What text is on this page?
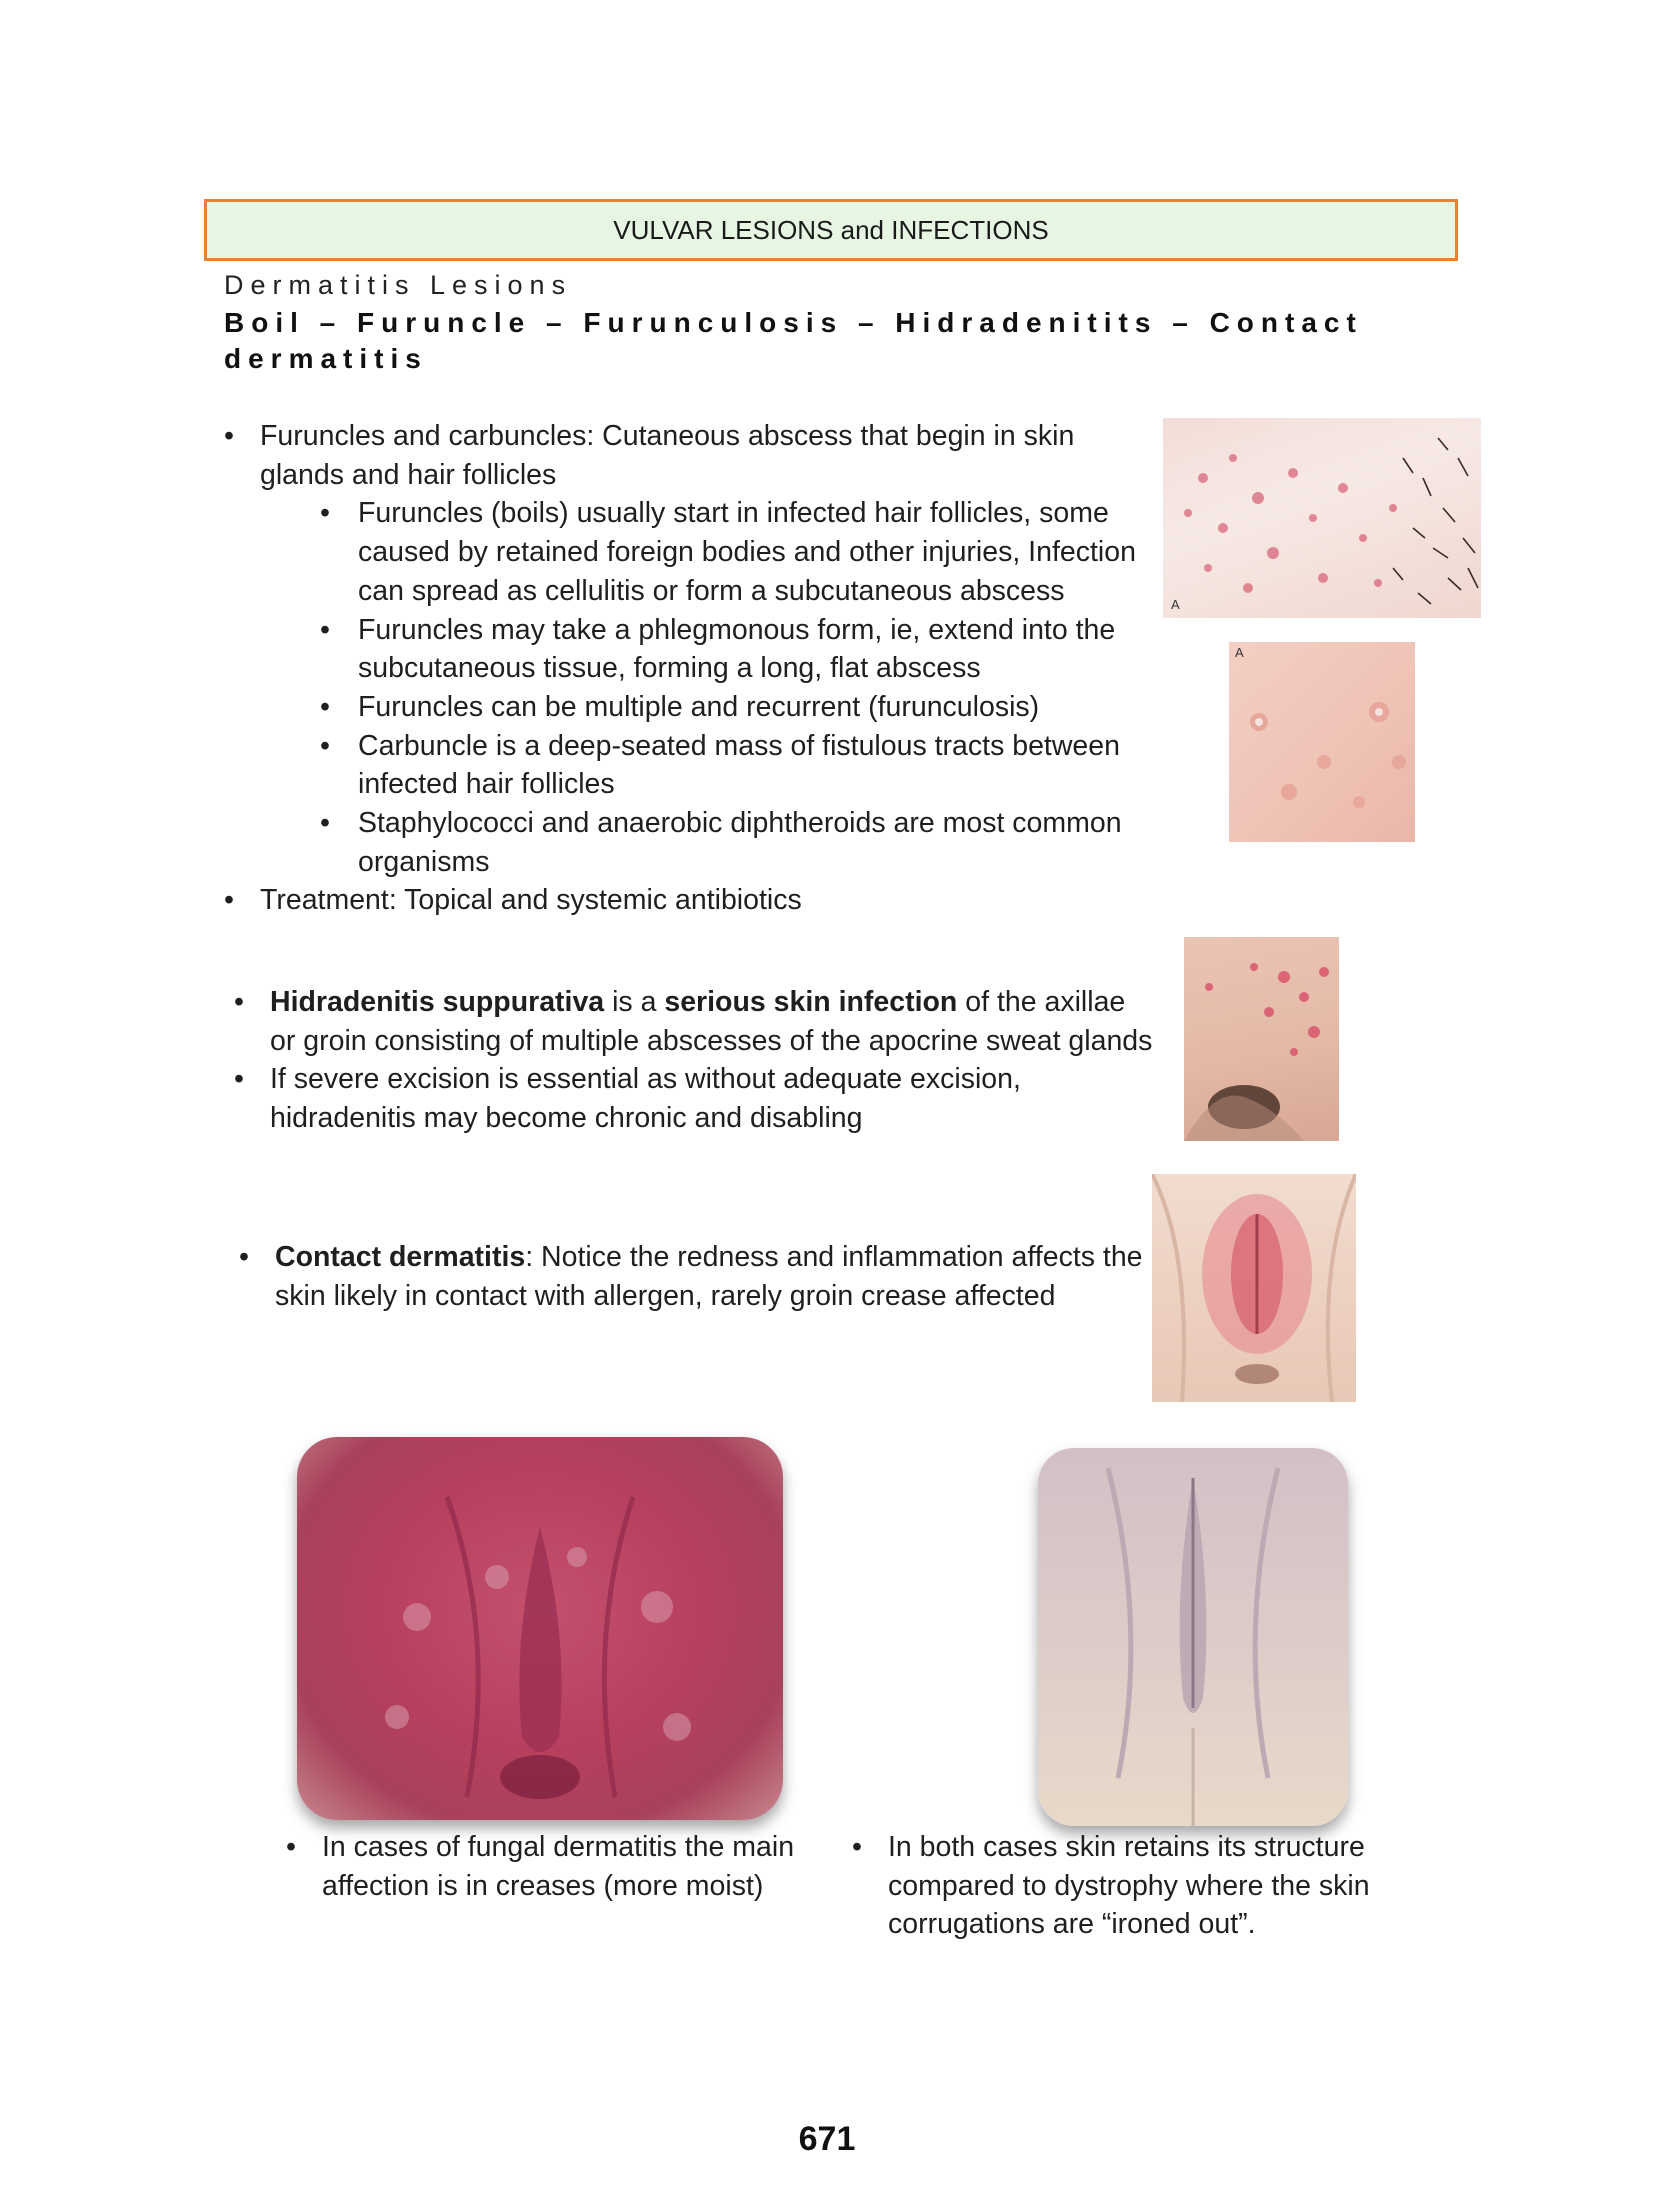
VULVAR LESIONS and INFECTIONS
Dermatitis Lesions
Boil – Furuncle – Furunculosis – Hidradenitits – Contact dermatitis
• Furuncles and carbuncles: Cutaneous abscess that begin in skin glands and hair follicles
• Furuncles (boils) usually start in infected hair follicles, some caused by retained foreign bodies and other injuries, Infection can spread as cellulitis or form a subcutaneous abscess
• Furuncles may take a phlegmonous form, ie, extend into the subcutaneous tissue, forming a long, flat abscess
• Furuncles can be multiple and recurrent (furunculosis)
• Carbuncle is a deep-seated mass of fistulous tracts between infected hair follicles
• Staphylococci and anaerobic diphtheroids are most common organisms
• Treatment: Topical and systemic antibiotics
• Hidradenitis suppurativa is a serious skin infection of the axillae or groin consisting of multiple abscesses of the apocrine sweat glands
• If severe excision is essential as without adequate excision, hidradenitis may become chronic and disabling
• Contact dermatitis: Notice the redness and inflammation affects the skin likely in contact with allergen, rarely groin crease affected
A
A
• In cases of fungal dermatitis the main affection is in creases (more moist)
• In both cases skin retains its structure compared to dystrophy where the skin corrugations are “ironed out”.
671
